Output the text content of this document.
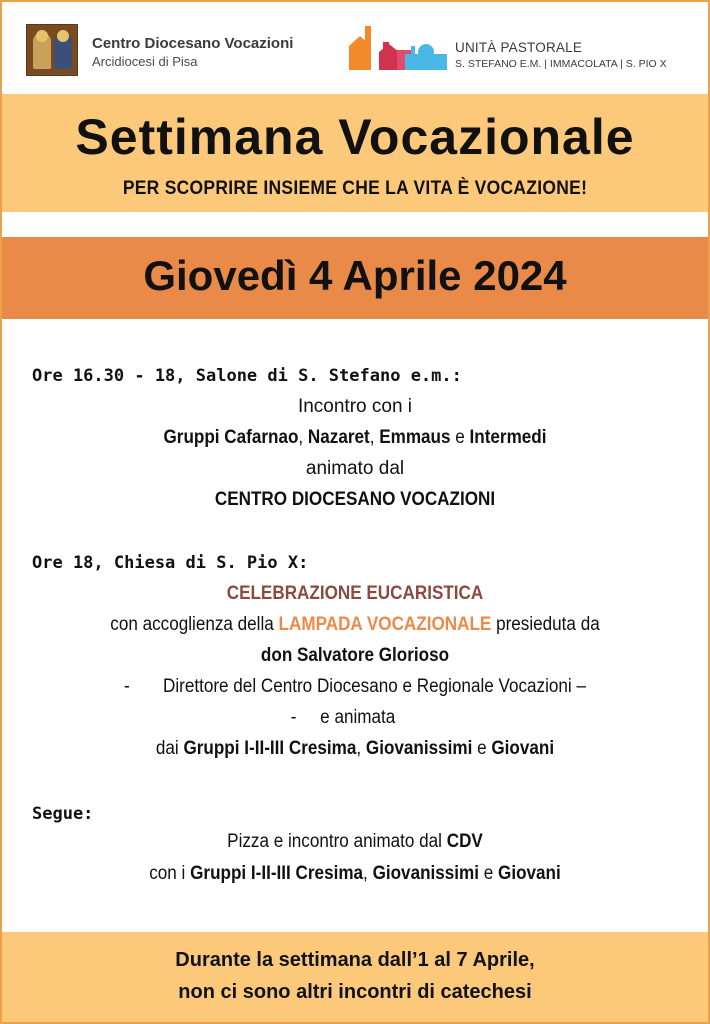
Centro Diocesano Vocazioni
Arcidiocesi di Pisa
UNITÀ PASTORALE
S. STEFANO E.M. | IMMACOLATA | S. PIO X
Settimana Vocazionale
PER SCOPRIRE INSIEME CHE LA VITA È VOCAZIONE!
Giovedì 4 Aprile 2024
Ore 16.30 - 18, Salone di S. Stefano e.m.:
Incontro con i
Gruppi Cafarnao, Nazaret, Emmaus e Intermedi
animato dal
CENTRO DIOCESANO VOCAZIONI
Ore 18, Chiesa di S. Pio X:
CELEBRAZIONE EUCARISTICA
con accoglienza della LAMPADA VOCAZIONALE presieduta da
don Salvatore Glorioso
- Direttore del Centro Diocesano e Regionale Vocazioni –
- e animata
dai Gruppi I-II-III Cresima, Giovanissimi e Giovani
Segue:
Pizza e incontro animato dal CDV
con i Gruppi I-II-III Cresima, Giovanissimi e Giovani
Durante la settimana dall’1 al 7 Aprile,
non ci sono altri incontri di catechesi
